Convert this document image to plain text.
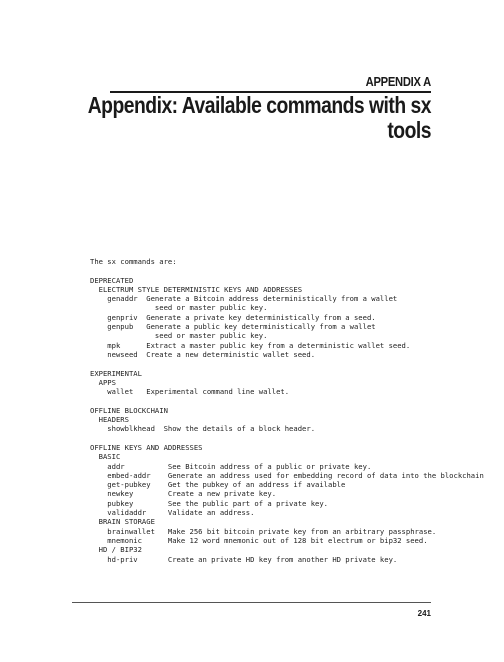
APPENDIX A
Appendix: Available commands with sx
tools
The sx commands are:
DEPRECATED
ELECTRUM STYLE DETERMINISTIC KEYS AND ADDRESSES
genaddr  Generate a Bitcoin address deterministically from a wallet
seed or master public key.
genpriv  Generate a private key deterministically from a seed.
genpub   Generate a public key deterministically from a wallet
seed or master public key.
mpk      Extract a master public key from a deterministic wallet seed.
newseed  Create a new deterministic wallet seed.
EXPERIMENTAL
APPS
wallet   Experimental command line wallet.
OFFLINE BLOCKCHAIN
HEADERS
showblkhead  Show the details of a block header.
OFFLINE KEYS AND ADDRESSES
BASIC
addr          See Bitcoin address of a public or private key.
embed-addr    Generate an address used for embedding record of data into the blockchain
get-pubkey    Get the pubkey of an address if available
newkey        Create a new private key.
pubkey        See the public part of a private key.
validaddr     Validate an address.
BRAIN STORAGE
brainwallet   Make 256 bit bitcoin private key from an arbitrary passphrase.
mnemonic      Make 12 word mnemonic out of 128 bit electrum or bip32 seed.
HD / BIP32
hd-priv       Create an private HD key from another HD private key.
241
